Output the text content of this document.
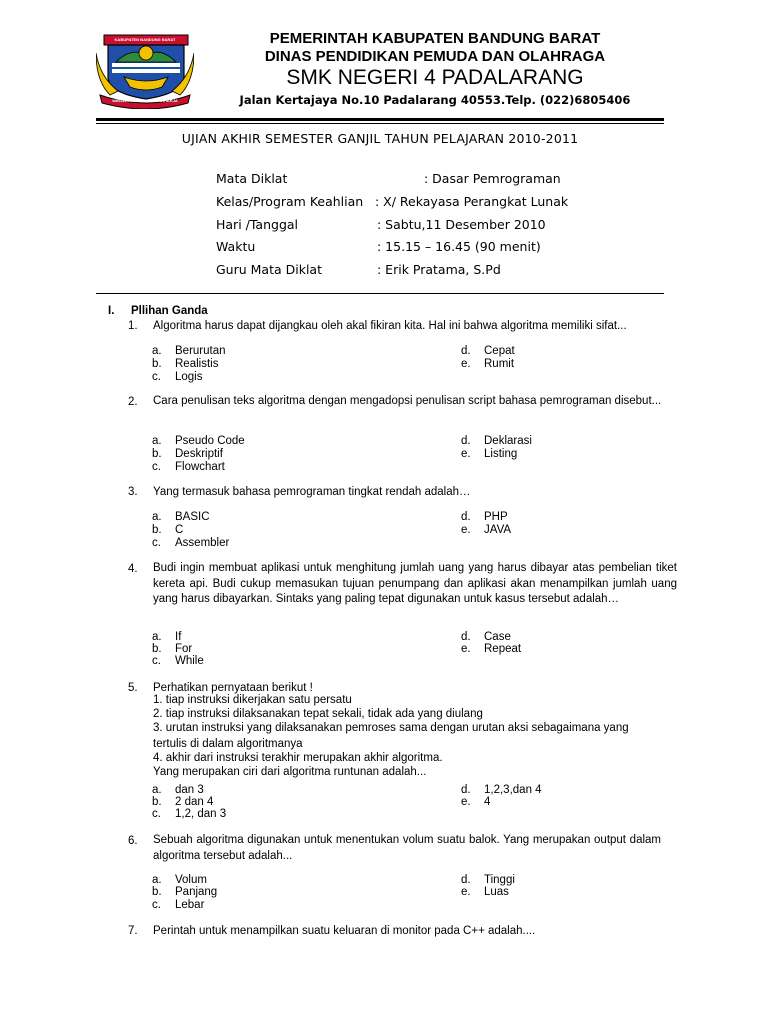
KABUPATEN BANDUNG BARAT
WIBAWA MUKTI KERTA RAHARJA
PEMERINTAH KABUPATEN BANDUNG BARAT
DINAS PENDIDIKAN PEMUDA DAN OLAHRAGA
SMK NEGERI 4 PADALARANG
Jalan Kertajaya No.10 Padalarang 40553.Telp. (022)6805406
UJIAN AKHIR SEMESTER GANJIL TAHUN PELAJARAN 2010-2011
Mata Diklat	: Dasar Pemrograman
Kelas/Program Keahlian : X/ Rekayasa Perangkat Lunak
Hari /Tanggal	: Sabtu,11 Desember 2010
Waktu	: 15.15 – 16.45 (90 menit)
Guru Mata Diklat	: Erik Pratama, S.Pd
I. Pllihan Ganda
1. Algoritma harus dapat dijangkau oleh akal fikiran kita. Hal ini bahwa algoritma memiliki sifat...
a. Berurutan
b. Realistis
c. Logis
d. Cepat
e. Rumit
2. Cara penulisan teks algoritma dengan mengadopsi penulisan script bahasa pemrograman disebut...
a. Pseudo Code
b. Deskriptif
c. Flowchart
d. Deklarasi
e. Listing
3. Yang termasuk bahasa pemrograman tingkat rendah adalah…
a. BASIC
b. C
c. Assembler
d. PHP
e. JAVA
4. Budi ingin membuat aplikasi untuk menghitung jumlah uang yang harus dibayar atas pembelian tiket kereta api. Budi cukup memasukan tujuan penumpang dan aplikasi akan menampilkan jumlah uang yang harus dibayarkan. Sintaks yang paling tepat digunakan untuk kasus tersebut adalah…
a. If
b. For
c. While
d. Case
e. Repeat
5. Perhatikan pernyataan berikut !
1. tiap instruksi dikerjakan satu persatu
2. tiap instruksi dilaksanakan tepat sekali, tidak ada yang diulang
3. urutan instruksi yang dilaksanakan pemroses sama dengan urutan aksi sebagaimana yang tertulis di dalam algoritmanya
4. akhir dari instruksi terakhir merupakan akhir algoritma.
Yang merupakan ciri dari algoritma runtunan adalah...
a. dan 3
b. 2 dan 4
c. 1,2, dan 3
d. 1,2,3,dan 4
e. 4
6. Sebuah algoritma digunakan untuk menentukan volum suatu balok. Yang merupakan output dalam algoritma tersebut adalah...
a. Volum
b. Panjang
c. Lebar
d. Tinggi
e. Luas
7. Perintah untuk menampilkan suatu keluaran di monitor pada C++ adalah....
